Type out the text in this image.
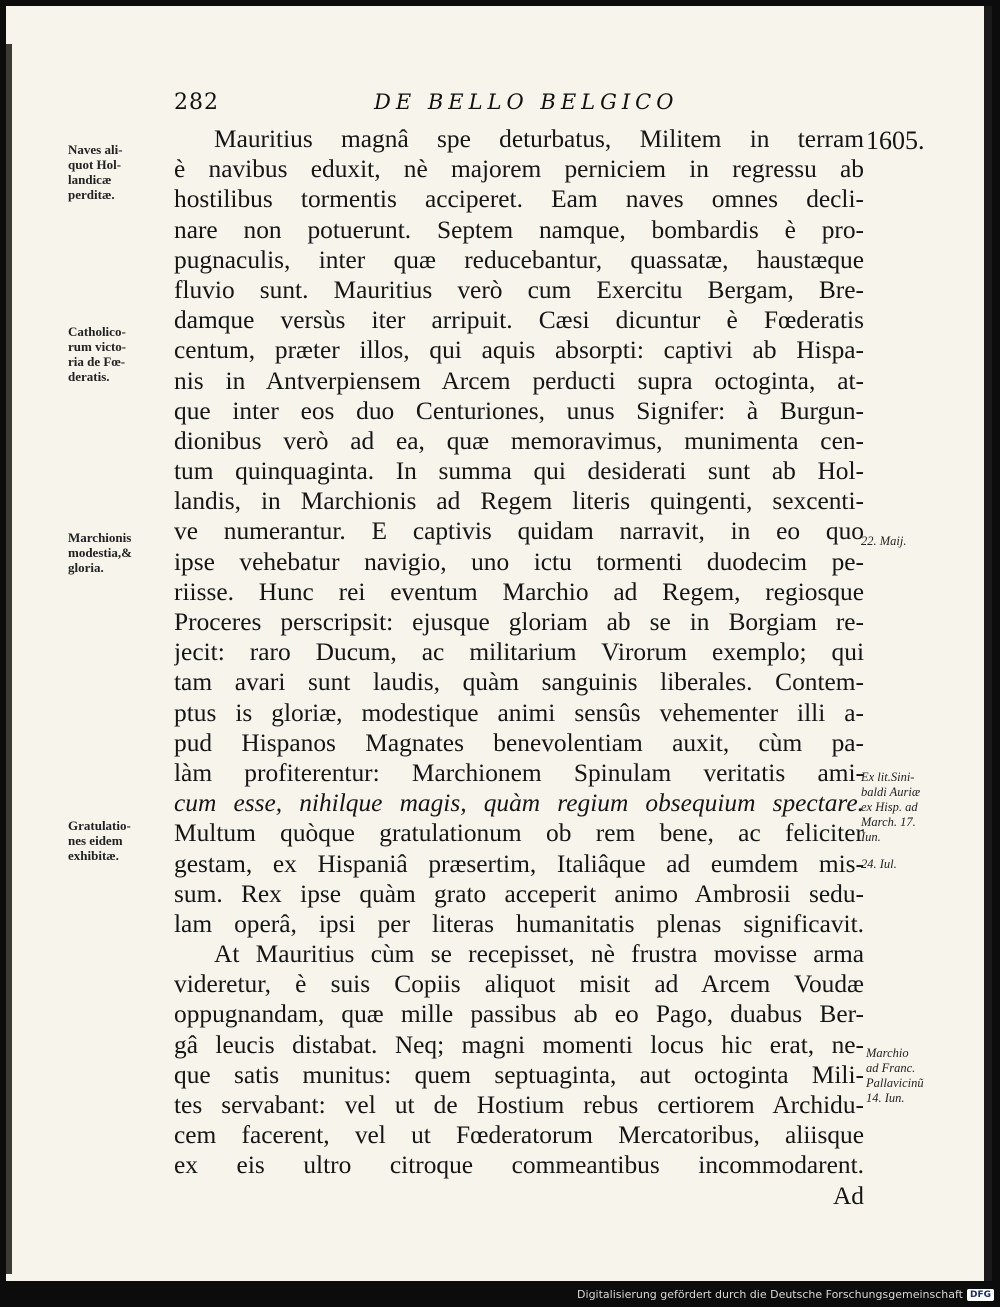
282	DE BELLO BELGICO
1605.
Naves ali-
quot Hol-
landicæ
perditæ.
Catholico-
rum victo-
ria de Fœ-
deratis.
Marchionis
modestia,&
gloria.
Gratulatio-
nes eidem
exhibitæ.
22. Maij.
Ex lit.Sini-
baldi Auriæ
ex Hisp. ad
March. 17.
Iun.
24. Iul.
Marchio
ad Franc.
Pallavicinũ
14. Iun.
Mauritius magnâ spe deturbatus, Militem in terram
è navibus eduxit, nè majorem perniciem in regressu ab
hostilibus tormentis acciperet. Eam naves omnes decli-
nare non potuerunt. Septem namque, bombardis è pro-
pugnaculis, inter quæ reducebantur, quassatæ, haustæque
fluvio sunt. Mauritius verò cum Exercitu Bergam, Bre-
damque versùs iter arripuit. Cæsi dicuntur è Fœderatis
centum, præter illos, qui aquis absorpti: captivi ab Hispa-
nis in Antverpiensem Arcem perducti supra octoginta, at-
que inter eos duo Centuriones, unus Signifer: à Burgun-
dionibus verò ad ea, quæ memoravimus, munimenta cen-
tum quinquaginta. In summa qui desiderati sunt ab Hol-
landis, in Marchionis ad Regem literis quingenti, sexcenti-
ve numerantur. E captivis quidam narravit, in eo quo
ipse vehebatur navigio, uno ictu tormenti duodecim pe-
riisse. Hunc rei eventum Marchio ad Regem, regiosque
Proceres perscripsit: ejusque gloriam ab se in Borgiam re-
jecit: raro Ducum, ac militarium Virorum exemplo; qui
tam avari sunt laudis, quàm sanguinis liberales. Contem-
ptus is gloriæ, modestique animi sensûs vehementer illi a-
pud Hispanos Magnates benevolentiam auxit, cùm pa-
làm profiterentur: Marchionem Spinulam veritatis ami-
cum esse, nihilque magis, quàm regium obsequium spectare.
Multum quòque gratulationum ob rem bene, ac feliciter
gestam, ex Hispaniâ præsertim, Italiâque ad eumdem mis-
sum. Rex ipse quàm grato acceperit animo Ambrosii sedu-
lam operâ, ipsi per literas humanitatis plenas significavit.
At Mauritius cùm se recepisset, nè frustra movisse arma
videretur, è suis Copiis aliquot misit ad Arcem Voudæ
oppugnandam, quæ mille passibus ab eo Pago, duabus Ber-
gâ leucis distabat. Neq; magni momenti locus hic erat, ne-
que satis munitus: quem septuaginta, aut octoginta Mili-
tes servabant: vel ut de Hostium rebus certiorem Archidu-
cem facerent, vel ut Fœderatorum Mercatoribus, aliisque
ex eis ultro citroque commeantibus incommodarent.
Ad
Digitalisierung gefördert durch die Deutsche Forschungsgemeinschaft DFG
